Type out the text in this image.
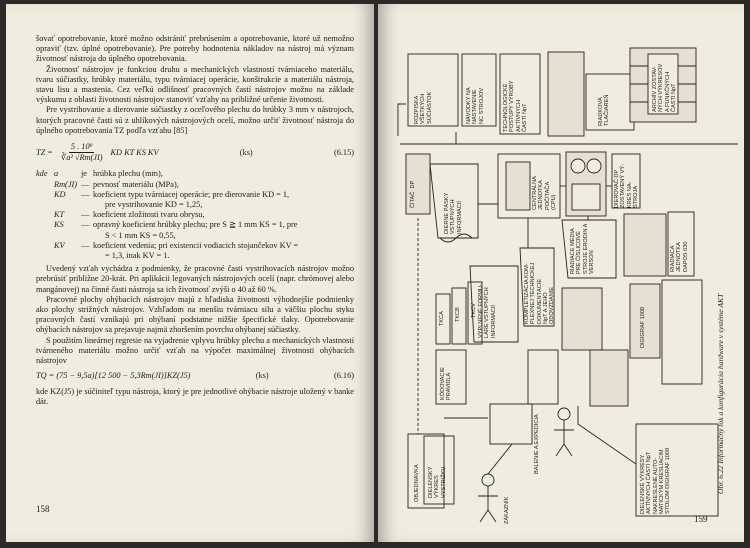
šovať opotrebovanie, ktoré možno odstrániť prebrúsením a opotrebovanie, ktoré už nemožno opraviť (tzv. úplné opotrebovanie). Pre potreby hodnotenia nákladov na nástroj má význam životnosť nástroja do úplného opotrebovania.

Životnosť nástrojov je funkciou druhu a mechanických vlastností tvárniaceho materiálu, tvaru súčiastky, hrúbky materiálu, typu tvárniacej operácie, konštrukcie a materiálu nástroja, stavu lisu a mastenia. Cez veľkú odlišnosť pracovných častí nástrojov možno na základe výskumu z oblasti životnosti nástrojov stanoviť vzťahy na približné určenie životnosti.

Pre vystrihovanie a dierovanie súčiastky z oceľového plechu do hrúbky 3 mm v nástrojoch, ktorých pracovné časti sú z uhlíkových nástrojových ocelí, možno určiť životnosť nástroja do úplného opotrebovania TZ podľa vzťahu [85]

TZ = $\frac{\text{5 . 10⁹}}{\text{∛a² √Rm(JI)}}$ KD KT KS KV	(ks)	(6.15)
kde a	je hrúbka plechu (mm),
Rm(JI) — pevnosť materiálu (MPa),
KD	— koeficient typu tvárniacej operácie; pre dierovanie KD = 1,
pre vystrihovanie KD = 1,25,
KT	— koeficient zložitosti tvaru obrysu,
KS	— opravný koeficient hrúbky plechu; pre S ≧ 1 mm KS = 1, pre
S < 1 mm KS = 0,55,
KV	— koeficient vedenia; pri existencii vodiacich stojančekov KV =
= 1,3, inak KV = 1.

Uvedený vzťah vychádza z podmienky, že pracovné časti vystrihovacích nástrojov možno prebrúsiť približne 20-krát. Pri aplikácii legovaných nástrojových ocelí (napr. chrómovej alebo mangánovej) na činné časti nástroja sa ich životnosť zvýši o 40 až 60 %.

Pracovné plochy ohýbacích nástrojov majú z hľadiska životnosti výhodnejšie podmienky ako plochy strižných nástrojov. Vzhľadom na menšiu tvárniacu silu a väčšiu plochu styku pracovných častí vznikajú pri ohýbaní podstatne nižšie špecifické tlaky. Opotrebovanie ohýbacích nástrojov sa prejavuje najmä zhoršením povrchu ohýbanej súčiastky.

S použitím lineárnej regresie na vyjadrenie vplyvu hrúbky plechu a mechanických vlastností tvárneného materiálu možno určiť vzťah na výpočet maximálnej životnosti ohýbacích nástrojov

TQ = (75 − 9,5a)[12 500 − 5,3Rm(JI)]KZ(J5)	(ks)	(6.16)

kde KZ(J5) je súčiniteľ typu nástroja, ktorý je pre jednotlivé ohýbacie nástroje uložený v banke dát.

158
ROZPISKA
VŠETKÝCH
SÚČIASTOK	NÁVODKY NA
NASTAVENIE
NC STROJOV	TECHNOLOGICKÉ
POSTUPY VÝROBY
AKTÍVNYCH
ČASTÍ NpT	RIADKOVÁ
TLAČIAREŇ	ARCHÍV ZOSTAV-
NÝCH VÝKRESOV
A FUNKČNÝCH
ČASTÍ NpT
ČÍTAČ  DP
DIERNE PÁSKY
VSTUPNÝCH
INFORMÁCIÍ
CENTRÁLNA
JEDNOTKA
POČÍTAČA
(CPU)	DIEROVAČ DP
ZOSTAVENÝ VÝ-
KRES NA-
STROJA
RIADIACE MÉDIA
PRE ČÍSLICOVÉ
STROJE ERODIN A
VERSON	RIADIACA
JEDNOTKA
DAPOS 030
VYPLNENÉ FORMU-
LÁRE VSTUPNÝCH
INFORMÁCIÍ	KOMPLETIZÁCIA KOM-
PLEXNEJ TECHNICKEJ
DOKUMENTÁCIE
NpT A JEHO
ODOVZDANIE
TKCA TKCB TKCV
KÓDOVACIE
PRAVIDLÁ
DIGIGRAF 1008
OBJEDNÁVKA DIELENSKÝ
VÝKRES
VYSTRIŽKU
BALENIE A EXPEDÍCIA
ZÁKAZNÍK	DIELENSKÉ VÝKRESY
AKTÍVNYCH ČASTÍ NpT
NAKRESLENÉ AUTO-
MATICKÝM KRESLIACIM
STOLOM DIGIGRAF 1008	Obr. 6.22 Informačný tok a konfigurácia hardware v systéme AKT
159
